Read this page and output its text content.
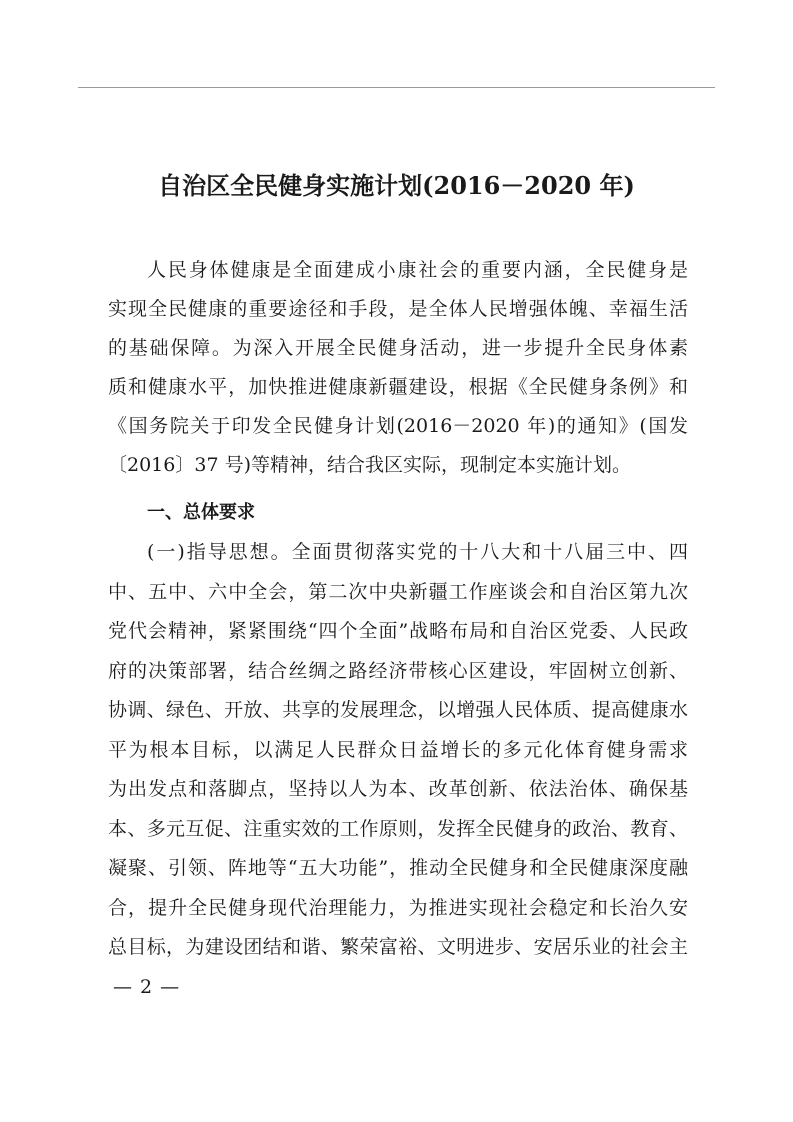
自治区全民健身实施计划(2016－2020 年)

人民身体健康是全面建成小康社会的重要内涵，全民健身是

实现全民健康的重要途径和手段，是全体人民增强体魄、幸福生活

的基础保障。为深入开展全民健身活动，进一步提升全民身体素

质和健康水平，加快推进健康新疆建设，根据《全民健身条例》和

《国务院关于印发全民健身计划(2016－2020 年)的通知》(国发

〔2016〕37 号)等精神，结合我区实际，现制定本实施计划。

一、总体要求

(一)指导思想。全面贯彻落实党的十八大和十八届三中、四

中、五中、六中全会，第二次中央新疆工作座谈会和自治区第九次

党代会精神，紧紧围绕“四个全面”战略布局和自治区党委、人民政

府的决策部署，结合丝绸之路经济带核心区建设，牢固树立创新、

协调、绿色、开放、共享的发展理念，以增强人民体质、提高健康水

平为根本目标，以满足人民群众日益增长的多元化体育健身需求

为出发点和落脚点，坚持以人为本、改革创新、依法治体、确保基

本、多元互促、注重实效的工作原则，发挥全民健身的政治、教育、

凝聚、引领、阵地等“五大功能”，推动全民健身和全民健康深度融

合，提升全民健身现代治理能力，为推进实现社会稳定和长治久安

总目标，为建设团结和谐、繁荣富裕、文明进步、安居乐业的社会主

— 2 —
